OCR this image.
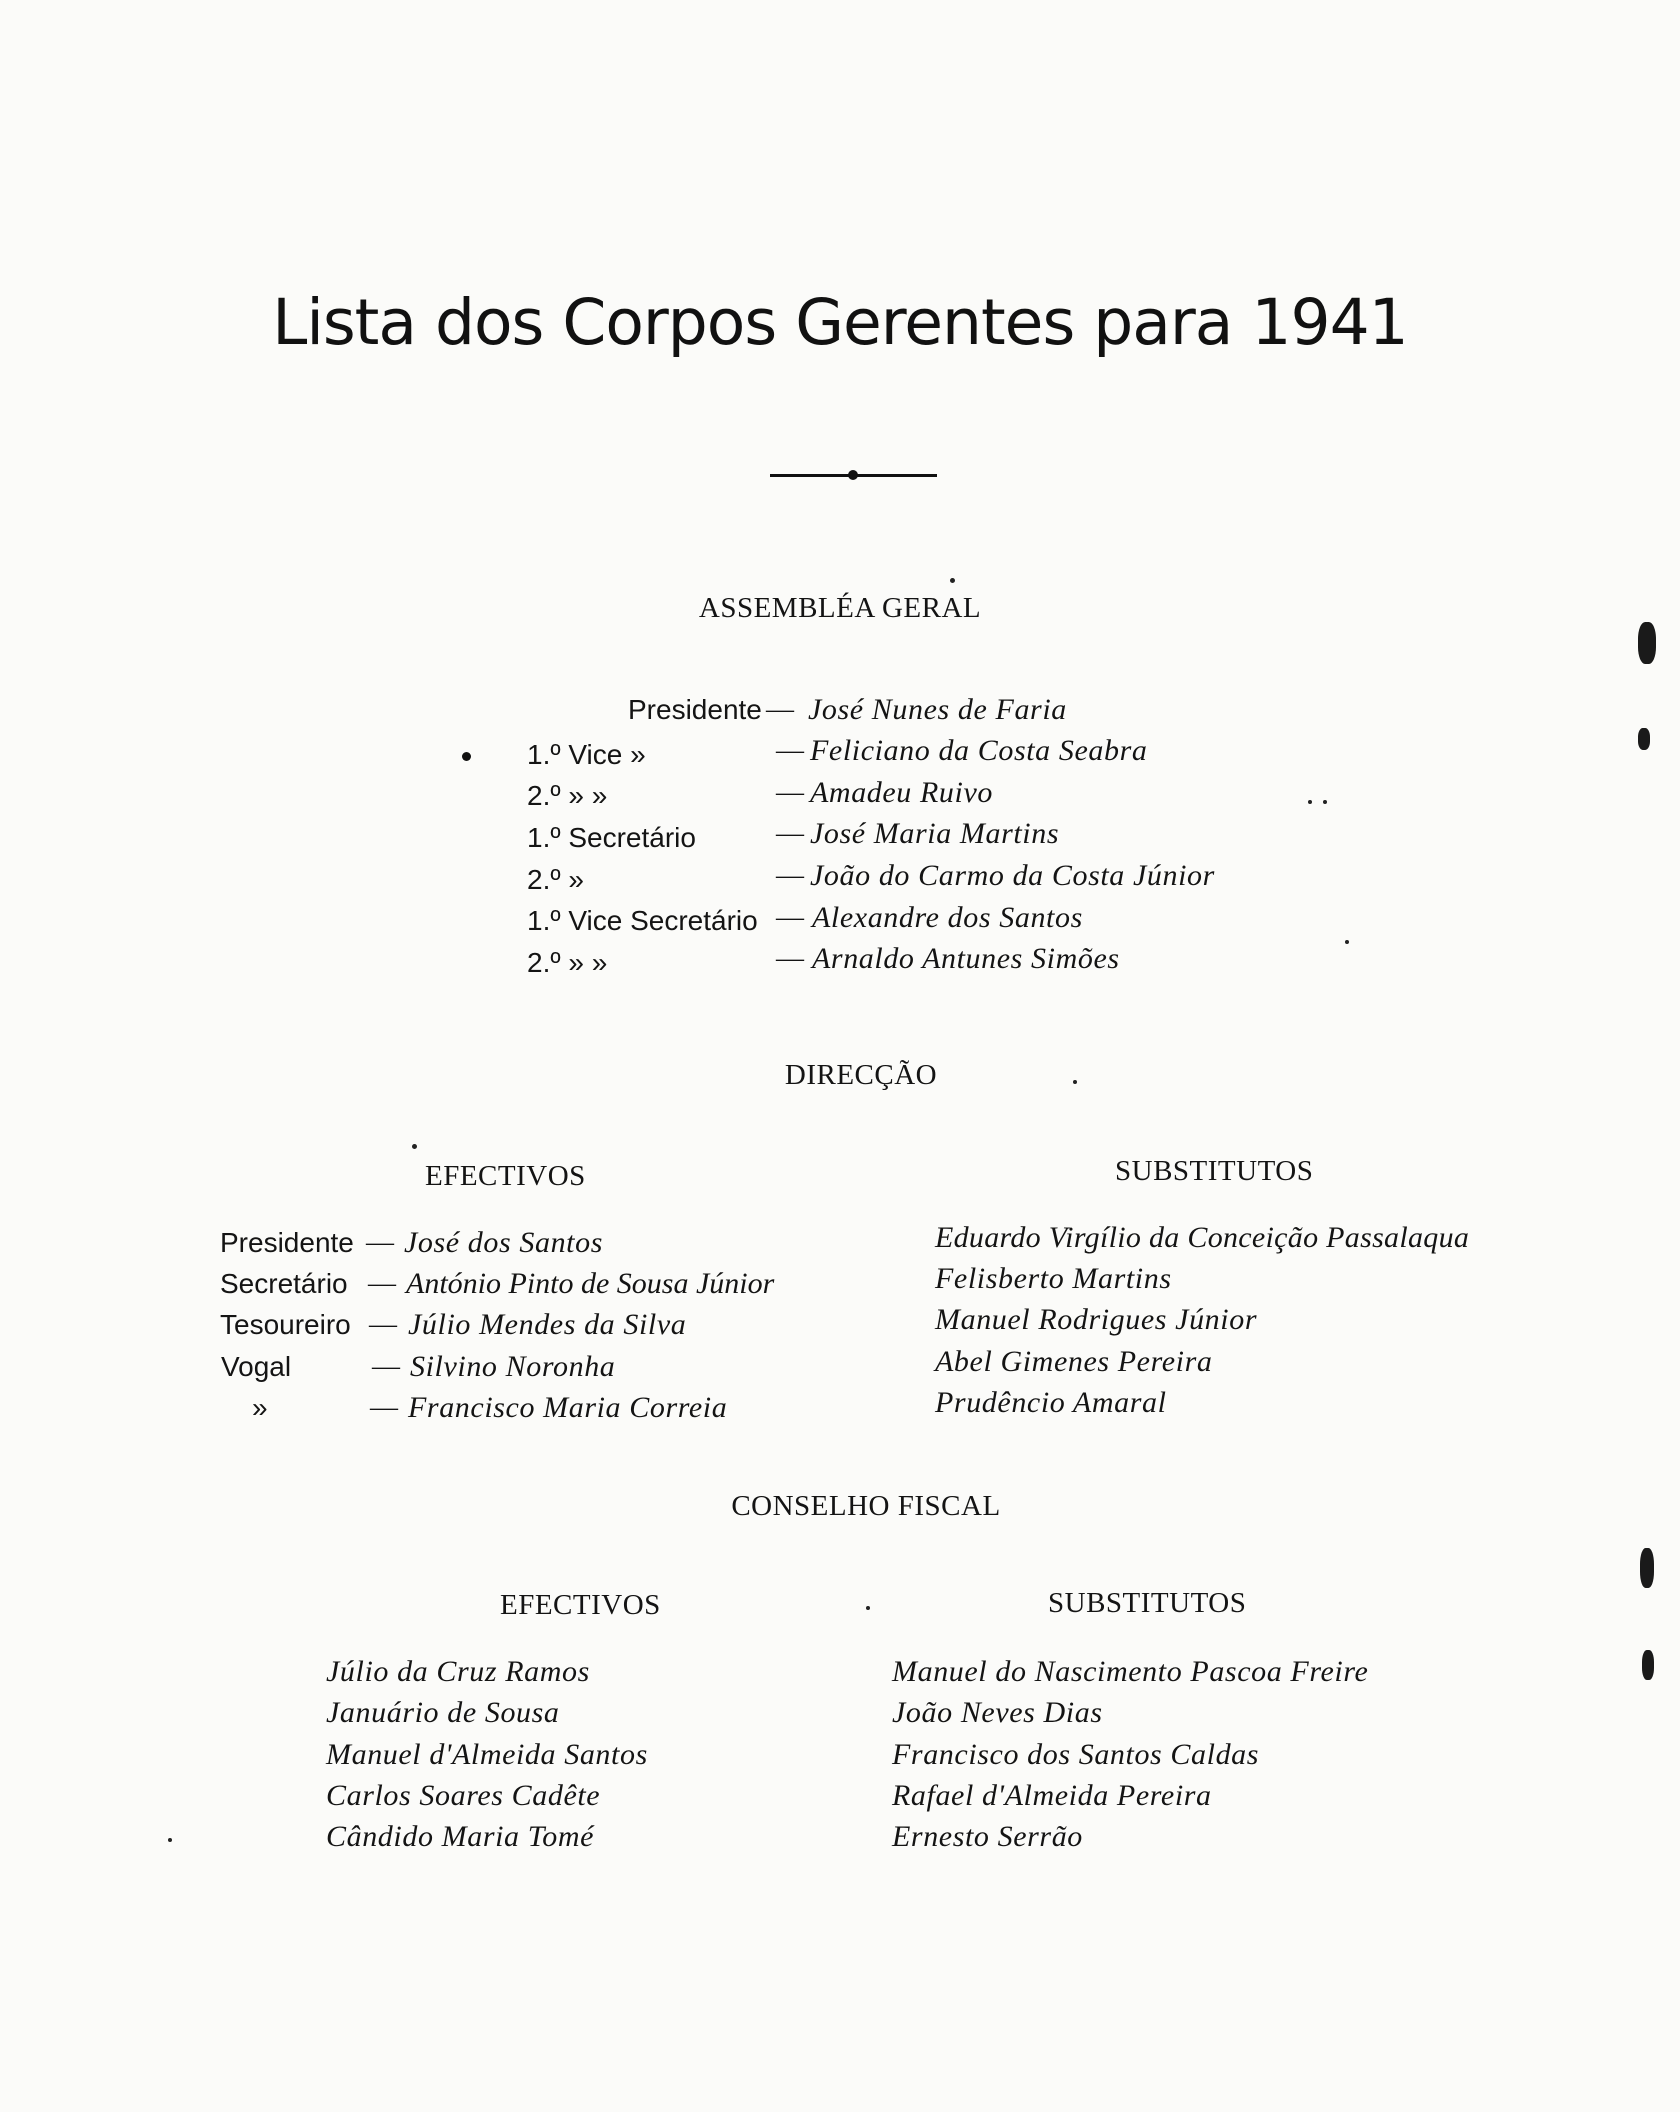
Lista dos Corpos Gerentes para 1941
ASSEMBLÉA GERAL
Presidente — José Nunes de Faria
1.º Vice »	— Feliciano da Costa Seabra
2.º » »	— Amadeu Ruivo
1.º Secretário	— José Maria Martins
2.º »	— João do Carmo da Costa Júnior
1.º Vice Secretário — Alexandre dos Santos
2.º » »	— Arnaldo Antunes Simões
DIRECÇÃO
EFECTIVOS	SUBSTITUTOS
Presidente — José dos Santos
Secretário — António Pinto de Sousa Júnior
Tesoureiro — Júlio Mendes da Silva
Vogal	— Silvino Noronha
»	— Francisco Maria Correia
Eduardo Virgílio da Conceição Passalaqua
Felisberto Martins
Manuel Rodrigues Júnior
Abel Gimenes Pereira
Prudêncio Amaral
CONSELHO FISCAL
EFECTIVOS	SUBSTITUTOS
Júlio da Cruz Ramos
Januário de Sousa
Manuel d'Almeida Santos
Carlos Soares Cadête
Cândido Maria Tomé
Manuel do Nascimento Pascoa Freire
João Neves Dias
Francisco dos Santos Caldas
Rafael d'Almeida Pereira
Ernesto Serrão
